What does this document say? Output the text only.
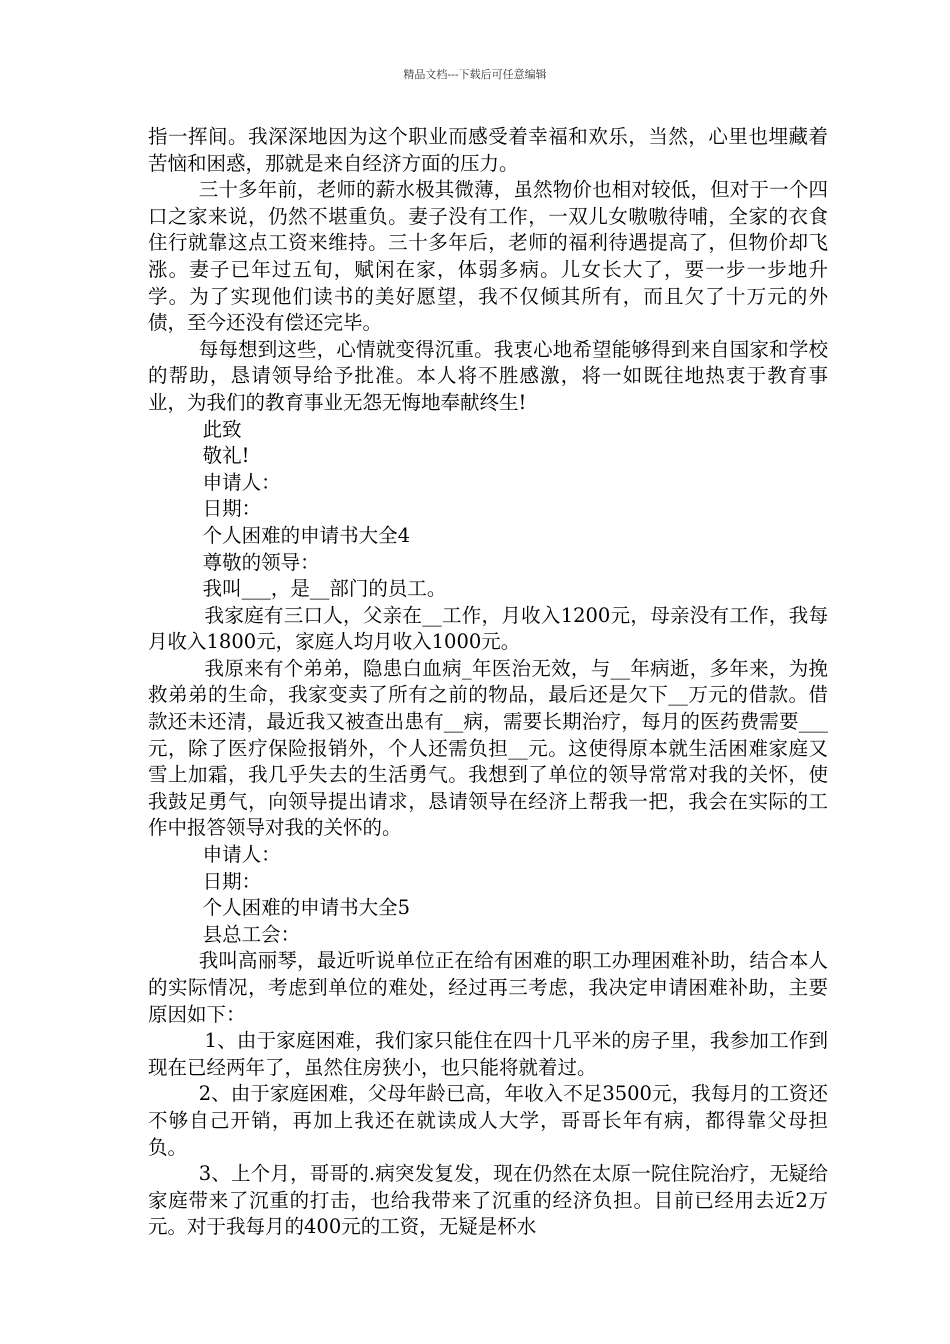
精品文档---下载后可任意编辑

指一挥间。我深深地因为这个职业而感受着幸福和欢乐，当然，心里也埋藏着苦恼和困惑，那就是来自经济方面的压力。

三十多年前，老师的薪水极其微薄，虽然物价也相对较低，但对于一个四口之家来说，仍然不堪重负。妻子没有工作，一双儿女嗷嗷待哺，全家的衣食住行就靠这点工资来维持。三十多年后，老师的福利待遇提高了，但物价却飞涨。妻子已年过五旬，赋闲在家，体弱多病。儿女长大了，要一步一步地升学。为了实现他们读书的美好愿望，我不仅倾其所有，而且欠了十万元的外债，至今还没有偿还完毕。

每每想到这些，心情就变得沉重。我衷心地希望能够得到来自国家和学校的帮助，恳请领导给予批准。本人将不胜感激，将一如既往地热衷于教育事业，为我们的教育事业无怨无悔地奉献终生!

此致

敬礼!

申请人：

日期：

个人困难的申请书大全4

尊敬的领导：

我叫___，是__部门的员工。

我家庭有三口人，父亲在__工作，月收入1200元，母亲没有工作，我每月收入1800元，家庭人均月收入1000元。

我原来有个弟弟，隐患白血病_年医治无效，与__年病逝，多年来，为挽救弟弟的生命，我家变卖了所有之前的物品，最后还是欠下__万元的借款。借款还未还清，最近我又被查出患有__病，需要长期治疗，每月的医药费需要___元，除了医疗保险报销外，个人还需负担__元。这使得原本就生活困难家庭又雪上加霜，我几乎失去的生活勇气。我想到了单位的领导常常对我的关怀，使我鼓足勇气，向领导提出请求，恳请领导在经济上帮我一把，我会在实际的工作中报答领导对我的关怀的。

申请人：

日期：

个人困难的申请书大全5

县总工会：

我叫高丽琴，最近听说单位正在给有困难的职工办理困难补助，结合本人的实际情况，考虑到单位的难处，经过再三考虑，我决定申请困难补助，主要原因如下：

1、由于家庭困难，我们家只能住在四十几平米的房子里，我参加工作到现在已经两年了，虽然住房狭小，也只能将就着过。

2、由于家庭困难，父母年龄已高，年收入不足3500元，我每月的工资还不够自己开销，再加上我还在就读成人大学，哥哥长年有病，都得靠父母担负。

3、上个月，哥哥的.病突发复发，现在仍然在太原一院住院治疗，无疑给家庭带来了沉重的打击，也给我带来了沉重的经济负担。目前已经用去近2万元。对于我每月的400元的工资，无疑是杯水
